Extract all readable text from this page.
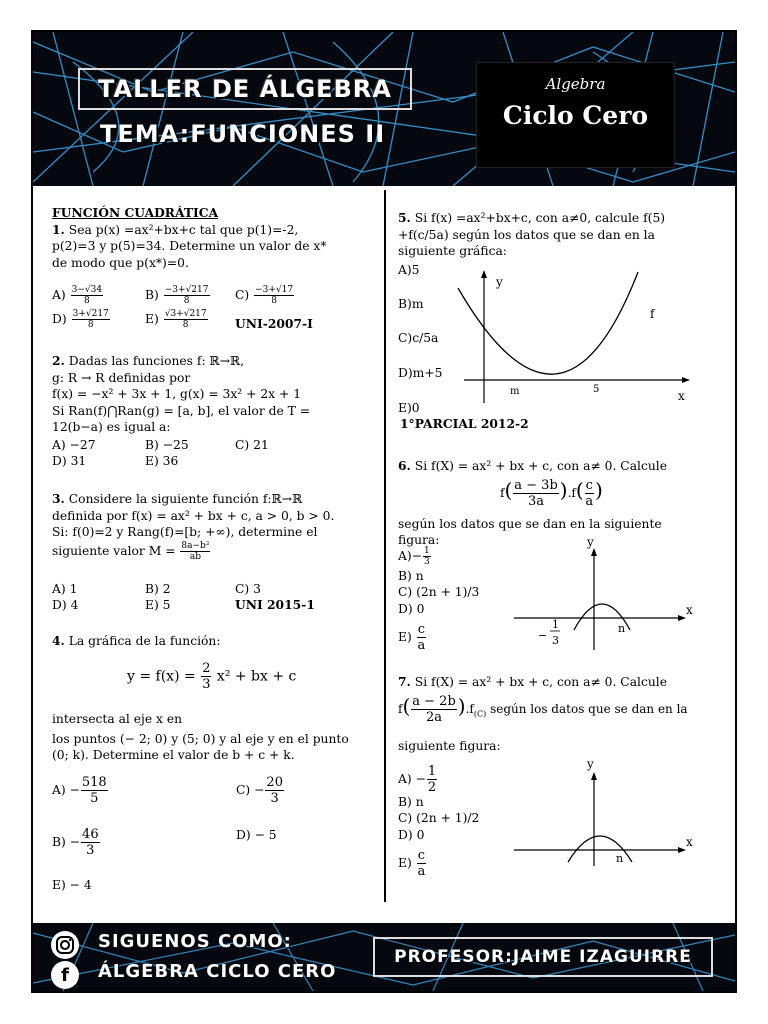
TALLER DE ÁLGEBRA
TEMA:FUNCIONES II
Algebra
Ciclo Cero
FUNCIÓN CUADRÁTICA
1. Sea p(x) =ax²+bx+c tal que p(1)=-2,
p(2)=3 y p(5)=34. Determine un valor de x*
de modo que p(x*)=0.
$A) \frac{3-√34}{8}$	$B) \frac{-3+√217}{8} C) \frac{-3+√17}{8}$
$D) \frac{3+√217}{8}$	$E) \frac{√3+√217}{8} UNI-2007-I$
2. Dadas las funciones f: ℝ→ℝ,
g: R → R definidas por
f(x) = −x² + 3x + 1, g(x) = 3x² + 2x + 1
Si Ran(f)⋂Ran(g) = [a, b], el valor de T =
12(b−a) es igual a:
A) −27	B) −25	C) 21
D) 31	E) 36
3. Considere la siguiente función f:ℝ→ℝ
definida por f(x) = ax² + bx + c, a > 0, b > 0.
Si: f(0)=2 y Rang(f)=[b; +∞), determine el
siguiente valor $M = \frac{\text{8a−b²}}{ab}$
A) 1	B) 2	C) 3
D) 4	E) 5	UNI 2015-1
4. La gráfica de la función:
$y = f(x) = \frac{2}{3} x^2$ + bx + c
intersecta al eje x en
los puntos (− 2; 0) y (5; 0) y al eje y en el punto
(0; k). Determine el valor de b + c + k.
$A) - \frac{518}{5}$	$C) - \frac{20}{3}$
$B) - \frac{46}{3}$	D) − 5
E) − 4
5. Si f(x) =ax²+bx+c, con a≠0, calcule f(5)
+f(c/5a) según los datos que se dan en la
siguiente gráfica:
A)5
B)m
C)c/5a
D)m+5
E)0
1°PARCIAL 2012-2
y
x
f
m	5
6. Si f(X) = ax² + bx + c, con a≠ 0. Calcule
$f( \frac{a - 3b}{3a} ).f( \frac{c}{a}$ )
según los datos que se dan en la siguiente
figura:
$A)- \frac{1}{3}$
B) n
C) (2n + 1)/3
D) 0
$E) \frac{c}{a}$
y
x
n
−
1
3
7. Si f(X) = ax² + bx + c, con a≠ 0. Calcule
$f( \frac{a - 2b}{2a} ).f_{(C)}$ según los datos que se dan en la
siguiente figura:
$A) - \frac{1}{2}$
B) n
C) (2n + 1)/2
D) 0
$E) \frac{c}{a}$
y
x
n
f
SIGUENOS COMO:
ÁLGEBRA CICLO CERO
PROFESOR:JAIME IZAGUIRRE
